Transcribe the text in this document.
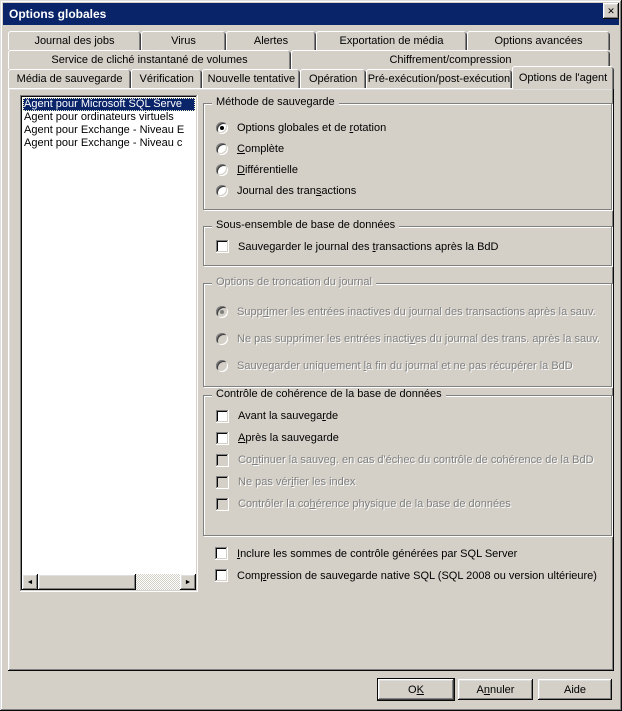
Options globales	✕
Journal des jobs	Virus	Alertes	Exportation de média	Options avancées
Service de cliché instantané de volumes	Chiffrement/compression
Média de sauvegarde Vérification Nouvelle tentative Opération Pré-exécution/post-exécution Options de l'agent
Agent pour Microsoft SQL Serve
Agent pour ordinateurs virtuels
Agent pour Exchange - Niveau E
Agent pour Exchange - Niveau c
◄	►
Méthode de sauvegarde
Options globales et de rotation
Complète
Différentielle
Journal des transactions
Sous-ensemble de base de données
Sauvegarder le journal des transactions après la BdD
Options de troncation du journal
Supprimer les entrées inactives du journal des transactions après la sauv.
Ne pas supprimer les entrées inactives du journal des trans. après la sauv.
Sauvegarder uniquement la fin du journal et ne pas récupérer la BdD
Contrôle de cohérence de la base de données
Avant la sauvegarde
Après la sauvegarde
Continuer la sauveg. en cas d'échec du contrôle de cohérence de la BdD
Ne pas vérifier les index
Contrôler la cohérence physique de la base de données
Inclure les sommes de contrôle générées par SQL Server
Compression de sauvegarde native SQL (SQL 2008 ou version ultérieure)
OK	Annuler	Aide
